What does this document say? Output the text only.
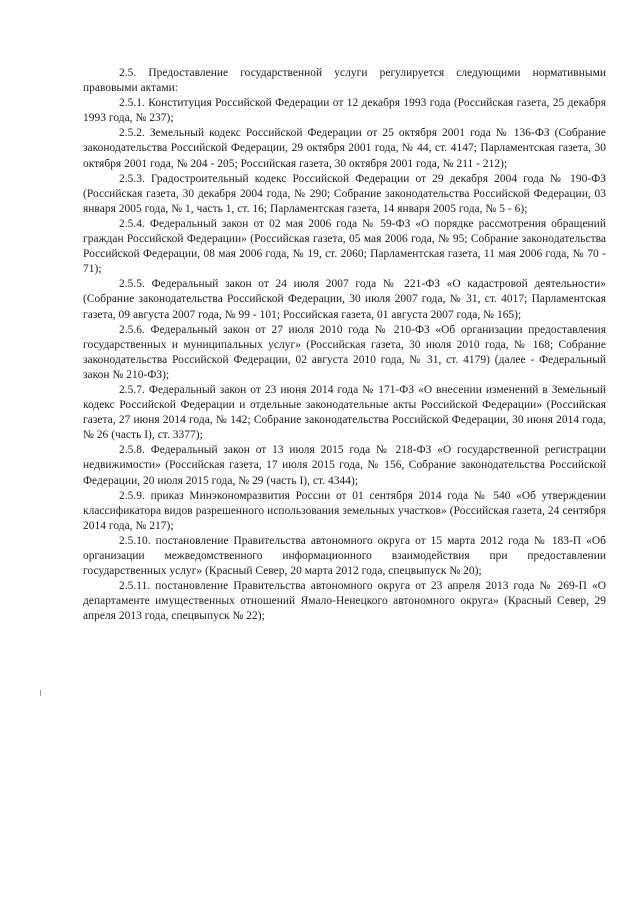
2.5. Предоставление государственной услуги регулируется следующими нормативными правовыми актами:

2.5.1. Конституция Российской Федерации от 12 декабря 1993 года (Российская газета, 25 декабря 1993 года, № 237);

2.5.2. Земельный кодекс Российской Федерации от 25 октября 2001 года № 136-ФЗ (Собрание законодательства Российской Федерации, 29 октября 2001 года, № 44, ст. 4147; Парламентская газета, 30 октября 2001 года, № 204 - 205; Российская газета, 30 октября 2001 года, № 211 - 212);

2.5.3. Градостроительный кодекс Российской Федерации от 29 декабря 2004 года № 190-ФЗ (Российская газета, 30 декабря 2004 года, № 290; Собрание законодательства Российской Федерации, 03 января 2005 года, № 1, часть 1, ст. 16; Парламентская газета, 14 января 2005 года, № 5 - 6);

2.5.4. Федеральный закон от 02 мая 2006 года № 59-ФЗ «О порядке рассмотрения обращений граждан Российской Федерации» (Российская газета, 05 мая 2006 года, № 95; Собрание законодательства Российской Федерации, 08 мая 2006 года, № 19, ст. 2060; Парламентская газета, 11 мая 2006 года, № 70 - 71);

2.5.5. Федеральный закон от 24 июля 2007 года № 221-ФЗ «О кадастровой деятельности» (Собрание законодательства Российской Федерации, 30 июля 2007 года, № 31, ст. 4017; Парламентская газета, 09 августа 2007 года, № 99 - 101; Российская газета, 01 августа 2007 года, № 165);

2.5.6. Федеральный закон от 27 июля 2010 года № 210-ФЗ «Об организации предоставления государственных и муниципальных услуг» (Российская газета, 30 июля 2010 года, № 168; Собрание законодательства Российской Федерации, 02 августа 2010 года, № 31, ст. 4179) (далее - Федеральный закон № 210-ФЗ);

2.5.7. Федеральный закон от 23 июня 2014 года № 171-ФЗ «О внесении изменений в Земельный кодекс Российской Федерации и отдельные законодательные акты Российской Федерации» (Российская газета, 27 июня 2014 года, № 142; Собрание законодательства Российской Федерации, 30 июня 2014 года, № 26 (часть I), ст. 3377);

2.5.8. Федеральный закон от 13 июля 2015 года № 218-ФЗ «О государственной регистрации недвижимости» (Российская газета, 17 июля 2015 года, № 156, Собрание законодательства Российской Федерации, 20 июля 2015 года, № 29 (часть I), ст. 4344);

2.5.9. приказ Минэкономразвития России от 01 сентября 2014 года № 540 «Об утверждении классификатора видов разрешенного использования земельных участков» (Российская газета, 24 сентября 2014 года, № 217);

2.5.10. постановление Правительства автономного округа от 15 марта 2012 года № 183-П «Об организации межведомственного информационного взаимодействия при предоставлении государственных услуг» (Красный Север, 20 марта 2012 года, спецвыпуск № 20);

2.5.11. постановление Правительства автономного округа от 23 апреля 2013 года № 269-П «О департаменте имущественных отношений Ямало-Ненецкого автономного округа» (Красный Север, 29 апреля 2013 года, спецвыпуск № 22);
